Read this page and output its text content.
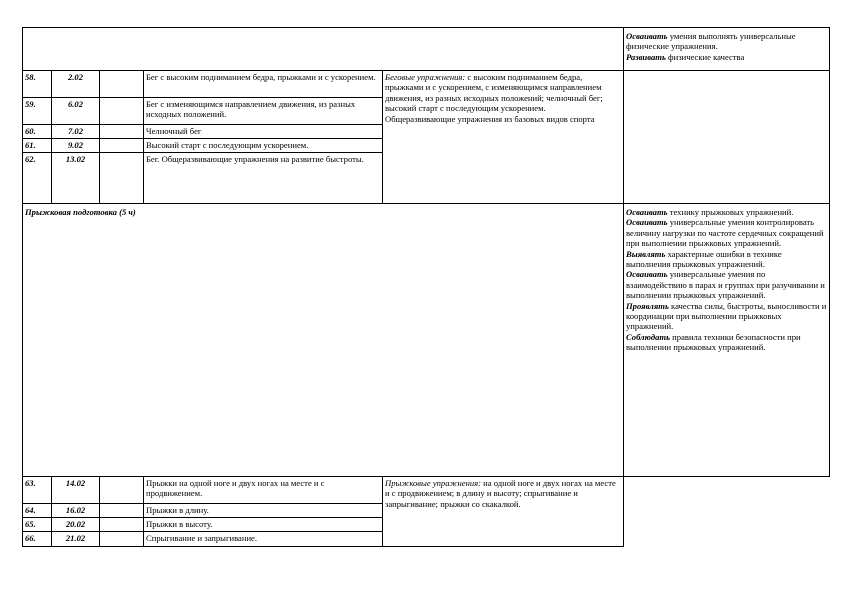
Осваивать умения выполнять универсальные физические упражнения.

Развивать физические качества

58.	2.02	Бег с высоким подниманием бедра, прыжками и с ускорением.
59.	6.02	Бег с изменяющимся направлением движения, из разных исходных положений.
60.	7.02	Челночный бег
61.	9.02	Высокий старт с последующим ускорением.
62.	13.02	Бег. Общеразвивающие упражнения на развитие быстроты.

Беговые упражнения: с высоким подниманием бедра, прыжками и с ускорением, с изменяющимся направлением движения, из разных исходных положений; челночный бег; высокий старт с последующим ускорением.

Общеразвивающие упражнения из базовых видов спорта

Прыжковая подготовка (5 ч)	Осваивать технику прыжковых упражнений.

Осваивать универсальные умения контролировать величину нагрузки по частоте сердечных сокращений при выполнении прыжковых упражнений.

Выявлять характерные ошибки в технике выполнения прыжковых упражнений.

Осваивать универсальные умения по взаимодействию в парах и группах при разучивании и выполнении прыжковых упражнений.

Проявлять качества силы, быстроты, выносливости и координации при выполнении прыжковых упражнений.

Соблюдать правила техники безопасности при выполнении прыжковых упражнений.

63.	14.02	Прыжки на одной ноге и двух ногах на месте и с продвижением.
64.	16.02	Прыжки в длину.
65.	20.02	Прыжки в высоту.
66.	21.02	Спрыгивание и запрыгивание.

Прыжковые упражнения: на одной ноге и двух ногах на месте и с продвижением; в длину и высоту; спрыгивание и запрыгивание; прыжки со скакалкой.
